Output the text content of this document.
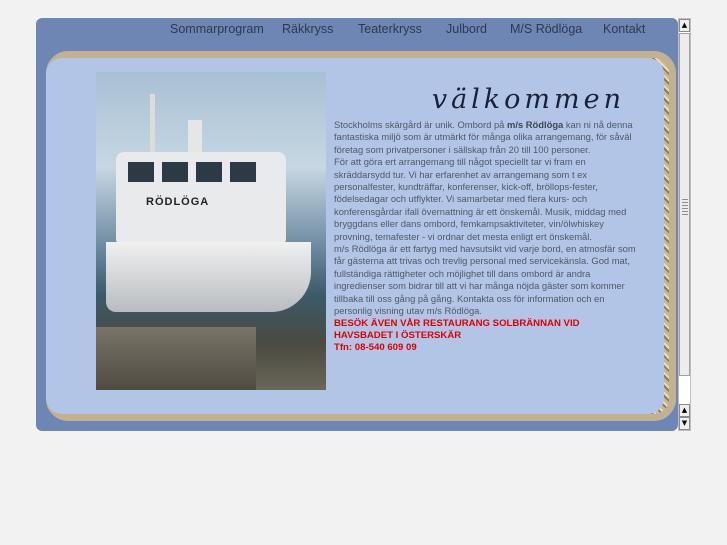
Sommarprogram Räkkryss Teaterkryss Julbord M/S Rödlöga Kontakt
RÖDLÖGA
välkommen

Stockholms skärgård är unik. Ombord på m/s Rödlöga kan ni nå denna fantastiska miljö som är utmärkt för många olika arrangemang, för såväl företag som privatpersoner i sällskap från 20 till 100 personer.

För att göra ert arrangemang till något speciellt tar vi fram en skräddarsydd tur. Vi har erfarenhet av arrangemang som t ex personalfester, kundträffar, konferenser, kick-off, bröllops-fester, födelsedagar och utflykter. Vi samarbetar med flera kurs- och konferensgårdar ifall övernattning är ett önskemål. Musik, middag med bryggdans eller dans ombord, femkampsaktiviteter, vin/ölwhiskey provning, temafester - vi ordnar det mesta enligt ert önskemål.

m/s Rödlöga är ett fartyg med havsutsikt vid varje bord, en atmosfär som får gästerna att trivas och trevlig personal med servicekänsla. God mat, fullständiga rättigheter och möjlighet till dans ombord är andra ingredienser som bidrar till att vi har många nöjda gäster som kommer tillbaka till oss gång på gång. Kontakta oss för information och en personlig visning utav m/s Rödlöga.

BESÖK ÄVEN VÅR RESTAURANG SOLBRÄNNAN VID HAVSBADET I ÖSTERSKÄR

Tfn: 08-540 609 09

▲
▲
▼
